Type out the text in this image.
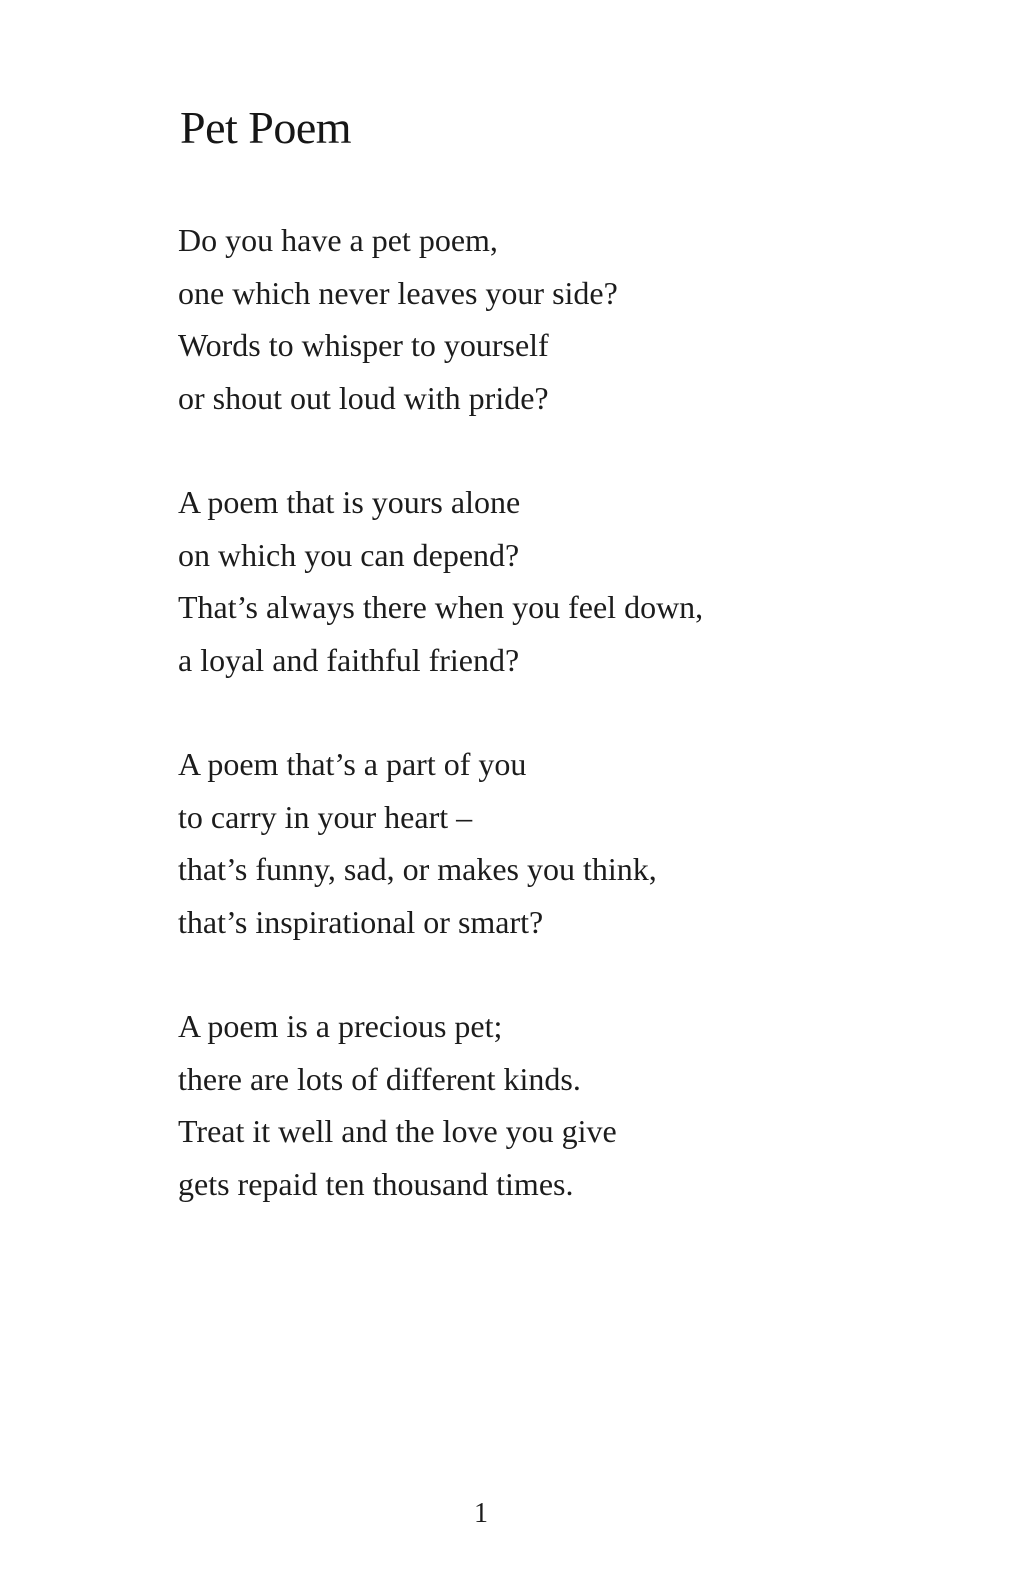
Pet Poem
Do you have a pet poem,
one which never leaves your side?
Words to whisper to yourself
or shout out loud with pride?
A poem that is yours alone
on which you can depend?
That’s always there when you feel down,
a loyal and faithful friend?
A poem that’s a part of you
to carry in your heart –
that’s funny, sad, or makes you think,
that’s inspirational or smart?
A poem is a precious pet;
there are lots of different kinds.
Treat it well and the love you give
gets repaid ten thousand times.
1
